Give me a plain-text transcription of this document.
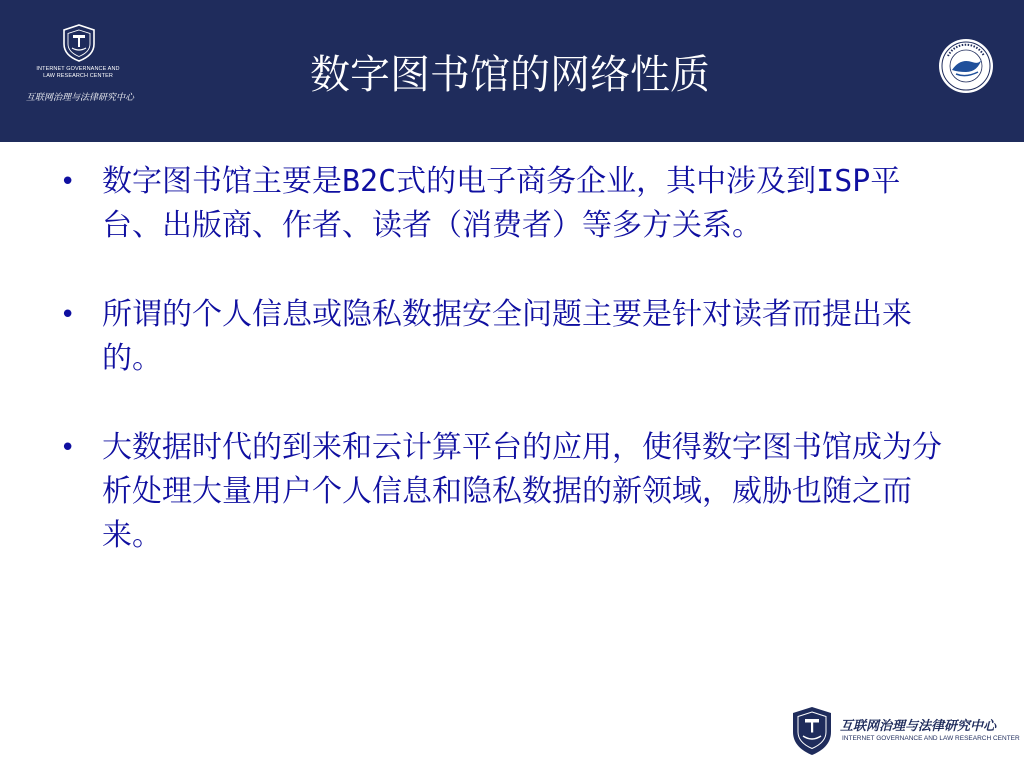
INTERNET GOVERNANCE AND
LAW RESEARCH CENTER
互联网治理与法律研究中心	数字图书馆的网络性质
• 数字图书馆主要是B2C式的电子商务企业，其中涉及到ISP平台、出版商、作者、读者（消费者）等多方关系。
• 所谓的个人信息或隐私数据安全问题主要是针对读者而提出来的。
• 大数据时代的到来和云计算平台的应用，使得数字图书馆成为分析处理大量用户个人信息和隐私数据的新领域，威胁也随之而来。
互联网治理与法律研究中心
INTERNET GOVERNANCE AND LAW RESEARCH CENTER
